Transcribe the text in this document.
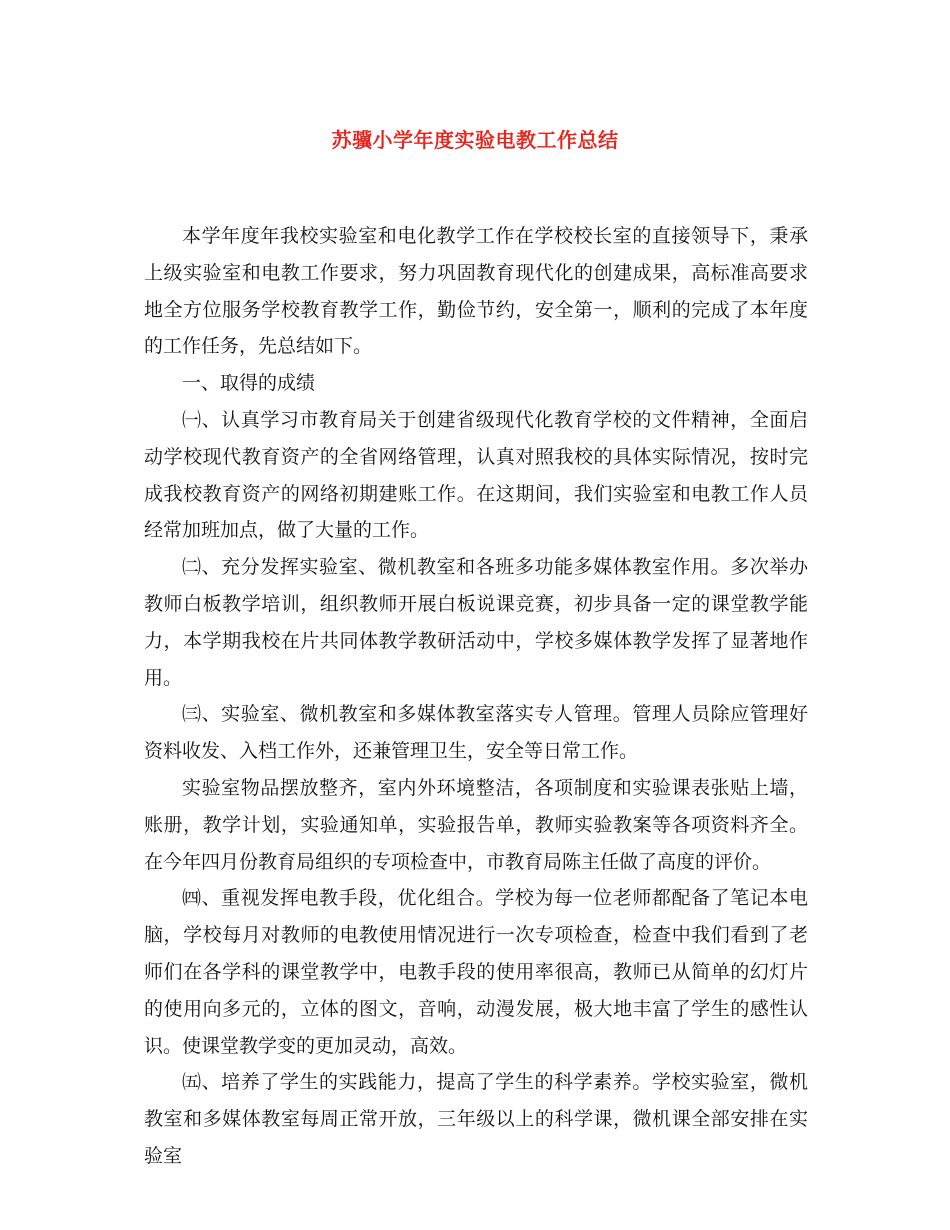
苏骥小学年度实验电教工作总结

本学年度年我校实验室和电化教学工作在学校校长室的直接领导下，秉承上级实验室和电教工作要求，努力巩固教育现代化的创建成果，高标准高要求地全方位服务学校教育教学工作，勤俭节约，安全第一，顺利的完成了本年度的工作任务，先总结如下。

一、取得的成绩

㈠、认真学习市教育局关于创建省级现代化教育学校的文件精神，全面启动学校现代教育资产的全省网络管理，认真对照我校的具体实际情况，按时完成我校教育资产的网络初期建账工作。在这期间，我们实验室和电教工作人员经常加班加点，做了大量的工作。

㈡、充分发挥实验室、微机教室和各班多功能多媒体教室作用。多次举办教师白板教学培训，组织教师开展白板说课竞赛，初步具备一定的课堂教学能力，本学期我校在片共同体教学教研活动中，学校多媒体教学发挥了显著地作用。

㈢、实验室、微机教室和多媒体教室落实专人管理。管理人员除应管理好资料收发、入档工作外，还兼管理卫生，安全等日常工作。

实验室物品摆放整齐，室内外环境整洁，各项制度和实验课表张贴上墙，账册，教学计划，实验通知单，实验报告单，教师实验教案等各项资料齐全。在今年四月份教育局组织的专项检查中，市教育局陈主任做了高度的评价。

㈣、重视发挥电教手段，优化组合。学校为每一位老师都配备了笔记本电脑，学校每月对教师的电教使用情况进行一次专项检查，检查中我们看到了老师们在各学科的课堂教学中，电教手段的使用率很高，教师已从简单的幻灯片的使用向多元的，立体的图文，音响，动漫发展，极大地丰富了学生的感性认识。使课堂教学变的更加灵动，高效。

㈤、培养了学生的实践能力，提高了学生的科学素养。学校实验室，微机教室和多媒体教室每周正常开放，三年级以上的科学课，微机课全部安排在实验室
